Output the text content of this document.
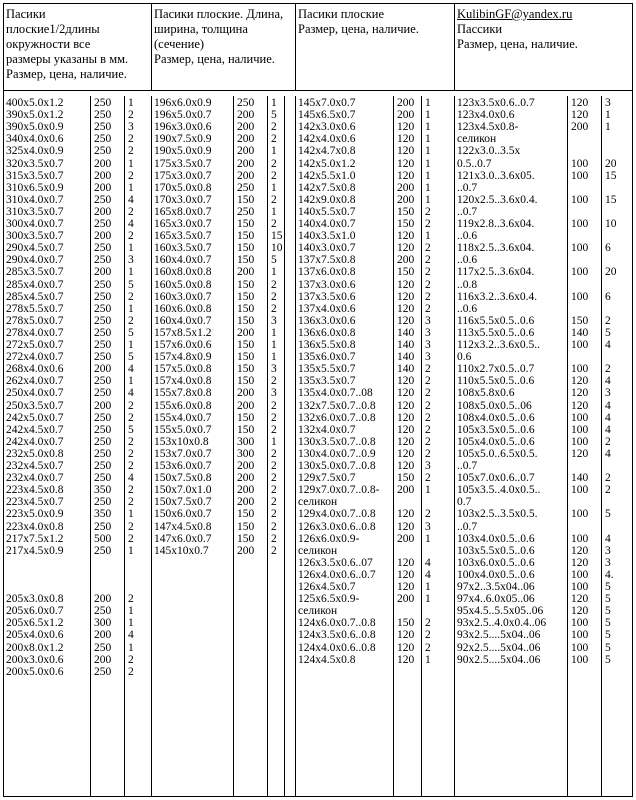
Пасики
плоские1/2длины
окружности все
размеры указаны в мм.
Размер, цена, наличие.
Пасики плоские. Длина,
ширина, толщина
(сечение)
Размер, цена, наличие.
Пасики плоские
Размер, цена, наличие.
KulibinGF@yandex.ru
Пассики
Размер, цена, наличие.
400x5.0x1.2	250	1
390x5.0x1.2	250	2
390x5.0x0.9	250	3
340x4.0x0.6	250	2
325x4.0x0.9	250	2
320x3.5x0.7	200	1
315x3.5x0.7	200	2
310x6.5x0.9	200	1
310x4.0x0.7	250	4
310x3.5x0.7	200	2
300x4.0x0.7	250	4
300x3.5x0.7	200	2
290x4.5x0.7	250	1
290x4.0x0.7	250	3
285x3.5x0.7	200	1
285x4.0x0.7	250	5
285x4.5x0.7	250	2
278x5.5x0.7	250	1
278x5.0x0.7	250	2
278x4.0x0.7	250	5
272x5.0x0.7	250	1
272x4.0x0.7	250	5
268x4.0x0.6	200	4
262x4.0x0.7	250	1
250x4.0x0.7	250	4
250x3.5x0.7	200	2
242x5.0x0.7	250	2
242x4.5x0.7	250	5
242x4.0x0.7	250	2
232x5.0x0.8	250	2
232x4.5x0.7	250	2
232x4.0x0.7	250	4
223x4.5x0.8	350	2
223x4.5x0.7	250	2
223x5.0x0.9	350	1
223x4.0x0.8	250	2
217x7.5x1.2	500	2
217x4.5x0.9	250	1
205x3.0x0.8	200	2
205x6.0x0.7	250	1
205x6.5x1.2	300	1
205x4.0x0.6	200	4
200x8.0x1.2	250	1
200x3.0x0.6	200	2
200x5.0x0.6	250	2
196x6.0x0.9	250	1
196x5.0x0.7	200	5
196x3.0x0.6	200	2
190x7.5x0.9	200	2
190x5.0x0.9	200	1
175x3.5x0.7	200	2
175x3.0x0.7	200	2
170x5.0x0.8	250	1
170x3.0x0.7	150	2
165x8.0x0.7	250	1
165x3.0x0.7	150	2
165x3.5x0.7	150	15
160x3.5x0.7	150	10
160x4.0x0.7	150	5
160x8.0x0.8	200	1
160x5.0x0.8	150	2
160x3.0x0.7	150	2
160x6.0x0.8	150	2
160x4.0x0.7	150	3
157x8.5x1.2	200	1
157x6.0x0.6	150	1
157x4.8x0.9	150	1
157x5.0x0.8	150	3
157x4.0x0.8	150	2
155x7.8x0.8	200	3
155x6.0x0.8	200	2
155x4.0x0.7	150	2
155x5.0x0.7	150	2
153x10x0.8	300	1
153x7.0x0.7	300	2
153x6.0x0.7	200	2
150x7.5x0.8	200	2
150x7.0x1.0	200	2
150x7.5x0.7	200	2
150x6.0x0.7	150	2
147x4.5x0.8	150	2
147x6.0x0.7	150	2
145x10x0.7	200	2
145x7.0x0.7	200 1
145x6.5x0.7	200 1
142x3.0x0.6	120 1
142x4.0x0.6	120 1
142x4.7x0.8	120 1
142x5.0x1.2	120 1
142x5.5x1.0	120 1
142x7.5x0.8	200 1
142x9.0x0.8	200 1
140x5.5x0.7	150 2
140x4.0x0.7	150 2
140x3.5x1.0	120 1
140x3.0x0.7	120 2
137x7.5x0.8	200 2
137x6.0x0.8	150 2
137x3.0x0.6	120 2
137x3.5x0.6	120 2
137x4.0x0.6	120 2
136x3.0x0.6	120 3
136x6.0x0.8	140 3
136x5.5x0.8	140 3
135x6.0x0.7	140 3
135x5.5x0.7	140 2
135x3.5x0.7	120 2
135x4.0x0.7..08	120 2
132x7.5x0.7..0.8	120 2
132x6.0x0.7..0.8	120 2
132x4.0x0.7	120 2
130x3.5x0.7..0.8	120 2
130x4.0x0.7..0.9	120 2
130x5.0x0.7..0.8	120 3
129x7.5x0.7	150 2
129x7.0x0.7..0.8-	200 1
селикон
129x4.0x0.7..0.8	120 2
126x3.0x0.6..0.8	120 3
126x6.0x0.9-	200 1
селикон
126x3.5x0.6..07	120 4
126x4.0x0.6..0.7	120 4
126x4.5x0.7	120 1
125x6.5x0.9-	200 1
селикон
124x6.0x0.7..0.8	150 2
124x3.5x0.6..0.8	120 2
124x4.0x0.6..0.8	120 2
124x4.5x0.8	120 1
123x3.5x0.6..0.7	120	3
123x4.0x0.6	120	1
123x4.5x0.8-	200	1
селикон
122x3.0..3.5x
0.5..0.7	100	20
121x3.0..3.6x05.	100	15
..0.7
120x2.5..3.6x0.4.	100	15
..0.7
119x2.8..3.6x04.	100	10
..0.6
118x2.5..3.6x04.	100	6
..0.6
117x2.5..3.6x04.	100	20
..0.8
116x3.2..3.6x0.4.	100	6
..0.6
116x5.5x0.5..0.6	150	2
113x5.5x0.5..0.6	140	5
112x3.2..3.6x0.5..	100	4
0.6
110x2.7x0.5..0.7	100	2
110x5.5x0.5..0.6	120	4
108x5.8x0.6	120	3
108x5.0x0.5..06	120	4
108x4.0x0.5..0.6	100	4
105x3.5x0.5..0.6	100	4
105x4.0x0.5..0.6	100	2
105x5.0..6.5x0.5.	120	4
..0.7
105x7.0x0.6..0.7	140	2
105x3.5..4.0x0.5..	100	2
0.7
103x2.5..3.5x0.5.	100	5
..0.7
103x4.0x0.5..0.6	100	4
103x5.5x0.5..0.6	120	3
103x6.0x0.5..0.6	120	3
100x4.0x0.5..0.6	100	4.
97x2..3.5x04..06	100	5
97x4..6.0x05..06	120	5
95x4.5..5.5x05..06	120	5
93x2.5..4.0x0.4..06	100	5
93x2.5....5x04..06	100	5
92x2.5....5x04..06	100	5
90x2.5....5x04..06	100	5
